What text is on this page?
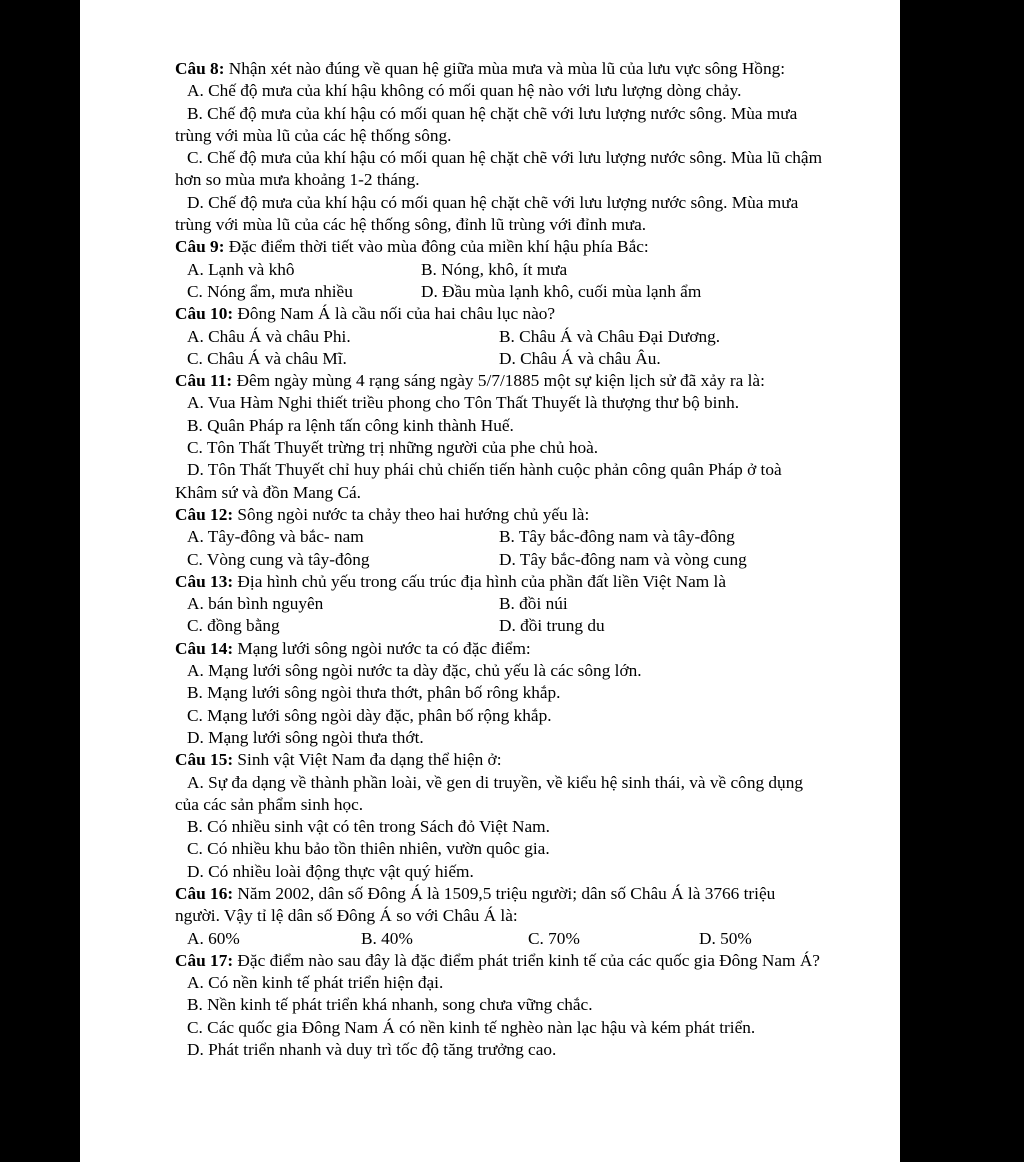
Câu 8: Nhận xét nào đúng về quan hệ giữa mùa mưa và mùa lũ của lưu vực sông Hồng:

A. Chế độ mưa của khí hậu không có mối quan hệ nào với lưu lượng dòng chảy.

B. Chế độ mưa của khí hậu có mối quan hệ chặt chẽ với lưu lượng nước sông. Mùa mưa trùng với mùa lũ của các hệ thống sông.

C. Chế độ mưa của khí hậu có mối quan hệ chặt chẽ với lưu lượng nước sông. Mùa lũ chậm hơn so mùa mưa khoảng 1-2 tháng.

D. Chế độ mưa của khí hậu có mối quan hệ chặt chẽ với lưu lượng nước sông. Mùa mưa trùng với mùa lũ của các hệ thống sông, đỉnh lũ trùng với đỉnh mưa.

Câu 9: Đặc điểm thời tiết vào mùa đông của miền khí hậu phía Bắc:

A. Lạnh và khô	B. Nóng, khô, ít mưa
C. Nóng ẩm, mưa nhiều	D. Đầu mùa lạnh khô, cuối mùa lạnh ẩm

Câu 10: Đông Nam Á là cầu nối của hai châu lục nào?

A. Châu Á và châu Phi.	B. Châu Á và Châu Đại Dương.
C. Châu Á và châu Mĩ.	D. Châu Á và châu Âu.

Câu 11: Đêm ngày mùng 4 rạng sáng ngày 5/7/1885 một sự kiện lịch sử đã xảy ra là:

A. Vua Hàm Nghi thiết triều phong cho Tôn Thất Thuyết là thượng thư bộ binh.

B. Quân Pháp ra lệnh tấn công kinh thành Huế.

C. Tôn Thất Thuyết trừng trị những người của phe chủ hoà.

D. Tôn Thất Thuyết chỉ huy phái chủ chiến tiến hành cuộc phản công quân Pháp ở toà Khâm sứ và đồn Mang Cá.

Câu 12: Sông ngòi nước ta chảy theo hai hướng chủ yếu là:

A. Tây-đông và bắc- nam	B. Tây bắc-đông nam và tây-đông
C. Vòng cung và tây-đông	D. Tây bắc-đông nam và vòng cung

Câu 13: Địa hình chủ yếu trong cấu trúc địa hình của phần đất liền Việt Nam là

A. bán bình nguyên	B. đồi núi
C. đồng bằng	D. đồi trung du

Câu 14: Mạng lưới sông ngòi nước ta có đặc điểm:

A. Mạng lưới sông ngòi nước ta dày đặc, chủ yếu là các sông lớn.

B. Mạng lưới sông ngòi thưa thớt, phân bố rông khắp.

C. Mạng lưới sông ngòi dày đặc, phân bố rộng khắp.

D. Mạng lưới sông ngòi thưa thớt.

Câu 15: Sinh vật Việt Nam đa dạng thể hiện ở:

A. Sự đa dạng về thành phần loài, về gen di truyền, về kiểu hệ sinh thái, và về công dụng của các sản phẩm sinh học.

B. Có nhiều sinh vật có tên trong Sách đỏ Việt Nam.

C. Có nhiều khu bảo tồn thiên nhiên, vườn quôc gia.

D. Có nhiều loài động thực vật quý hiếm.

Câu 16: Năm 2002, dân số Đông Á là 1509,5 triệu người; dân số Châu Á là 3766 triệu người. Vậy tỉ lệ dân số Đông Á so với Châu Á là:

A. 60%	B. 40%	C. 70%	D. 50%

Câu 17: Đặc điểm nào sau đây là đặc điểm phát triển kinh tế của các quốc gia Đông Nam Á?

A. Có nền kinh tế phát triển hiện đại.

B. Nền kinh tế phát triển khá nhanh, song chưa vững chắc.

C. Các quốc gia Đông Nam Á có nền kinh tế nghèo nàn lạc hậu và kém phát triển.

D. Phát triển nhanh và duy trì tốc độ tăng trưởng cao.
